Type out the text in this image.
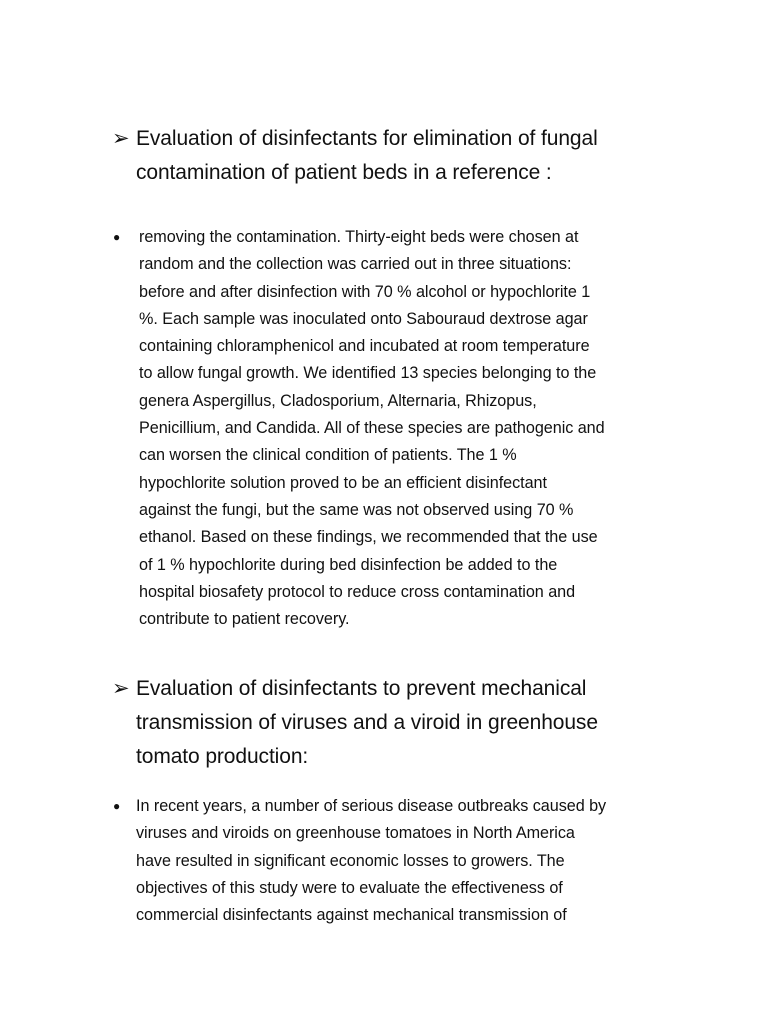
➢ Evaluation of disinfectants for elimination of fungal
contamination of patient beds in a reference :
●	removing the contamination. Thirty-eight beds were chosen at
random and the collection was carried out in three situations:
before and after disinfection with 70 % alcohol or hypochlorite 1
%. Each sample was inoculated onto Sabouraud dextrose agar
containing chloramphenicol and incubated at room temperature
to allow fungal growth. We identified 13 species belonging to the
genera Aspergillus, Cladosporium, Alternaria, Rhizopus,
Penicillium, and Candida. All of these species are pathogenic and
can worsen the clinical condition of patients. The 1 %
hypochlorite solution proved to be an efficient disinfectant
against the fungi, but the same was not observed using 70 %
ethanol. Based on these findings, we recommended that the use
of 1 % hypochlorite during bed disinfection be added to the
hospital biosafety protocol to reduce cross contamination and
contribute to patient recovery.
➢ Evaluation of disinfectants to prevent mechanical
transmission of viruses and a viroid in greenhouse
tomato production:
● In recent years, a number of serious disease outbreaks caused by
viruses and viroids on greenhouse tomatoes in North America
have resulted in significant economic losses to growers. The
objectives of this study were to evaluate the effectiveness of
commercial disinfectants against mechanical transmission of
